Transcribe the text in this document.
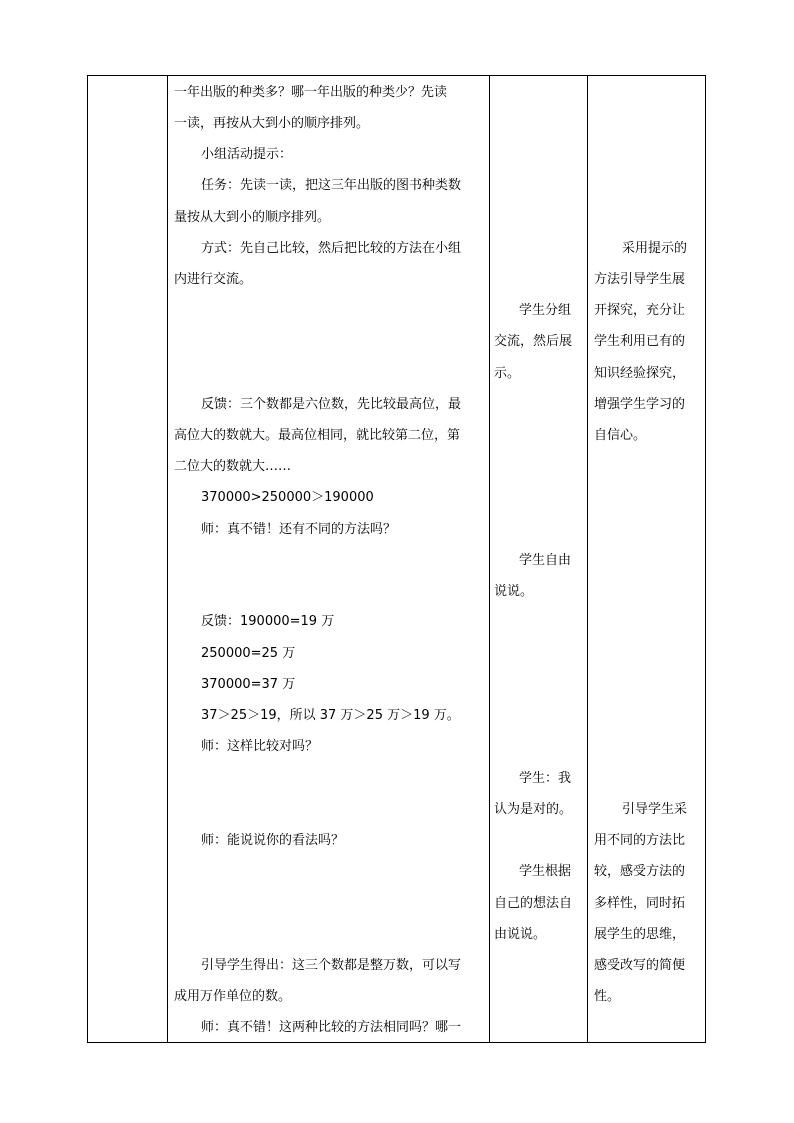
一年出版的种类多？哪一年出版的种类少？先读
一读，再按从大到小的顺序排列。
小组活动提示：
任务：先读一读，把这三年出版的图书种类数
量按从大到小的顺序排列。
方式：先自己比较，然后把比较的方法在小组
内进行交流。
反馈：三个数都是六位数，先比较最高位，最
高位大的数就大。最高位相同，就比较第二位，第
二位大的数就大……
370000>250000＞190000
师：真不错！还有不同的方法吗？
反馈：190000=19 万
250000=25 万
370000=37 万
37＞25＞19，所以 37 万＞25 万＞19 万。
师：这样比较对吗？
师：能说说你的看法吗？
引导学生得出：这三个数都是整万数，可以写
成用万作单位的数。
师：真不错！这两种比较的方法相同吗？哪一
学生分组
交流，然后展
示。
学生自由
说说。
学生：我
认为是对的。
学生根据
自己的想法自
由说说。
采用提示的
方法引导学生展
开探究，充分让
学生利用已有的
知识经验探究，
增强学生学习的
自信心。
引导学生采
用不同的方法比
较，感受方法的
多样性，同时拓
展学生的思维，
感受改写的简便
性。
